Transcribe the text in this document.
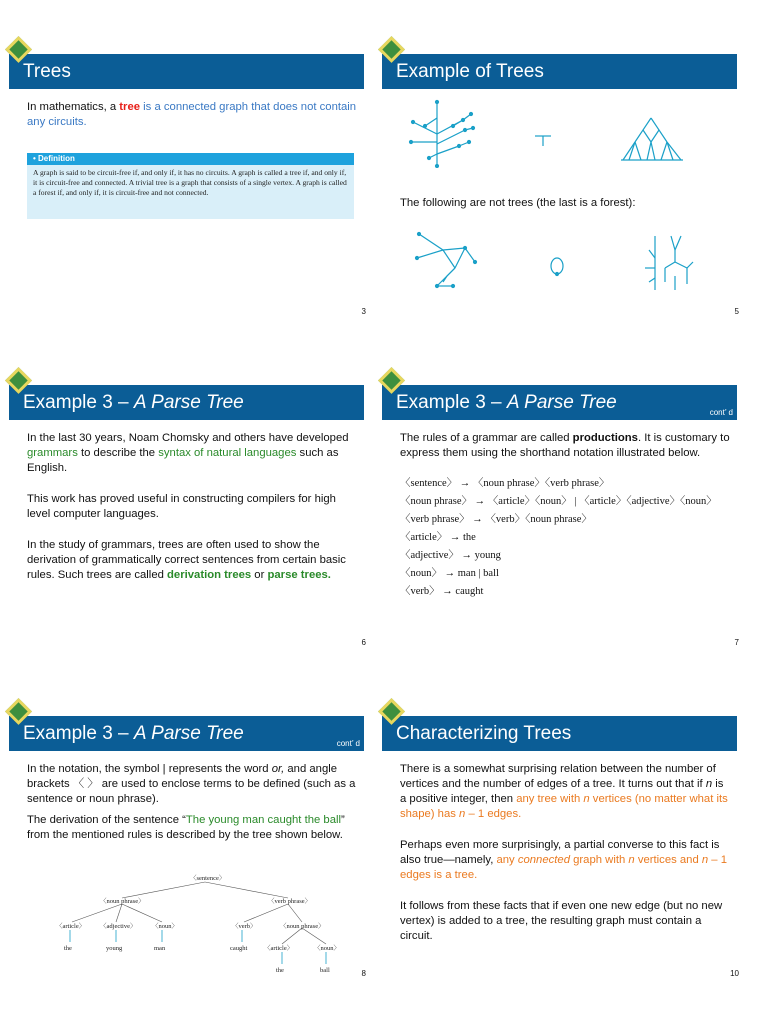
Trees

In mathematics, a tree is a connected graph that does not contain any circuits.

• Definition
A graph is said to be circuit-free if, and only if, it has no circuits. A graph is called a tree if, and only if, it is circuit-free and connected. A trivial tree is a graph that consists of a single vertex. A graph is called a forest if, and only if, it is circuit-free and not connected.
3
Example of Trees

The following are not trees (the last is a forest):

5
Example 3 – A Parse Tree

In the last 30 years, Noam Chomsky and others have developed grammars to describe the syntax of natural languages such as English.

This work has proved useful in constructing compilers for high level computer languages.

In the study of grammars, trees are often used to show the derivation of grammatically correct sentences from certain basic rules. Such trees are called derivation trees or parse trees.

6
Example 3 – A Parse Tree	cont’ d

The rules of a grammar are called productions. It is customary to express them using the shorthand notation illustrated below.

〈sentence〉 → 〈noun phrase〉〈verb phrase〉
〈noun phrase〉 → 〈article〉〈noun〉 | 〈article〉〈adjective〉〈noun〉
〈verb phrase〉 → 〈verb〉〈noun phrase〉
〈article〉 → the
〈adjective〉 → young
〈noun〉 → man | ball
〈verb〉 → caught
7
Example 3 – A Parse Tree	cont’ d

In the notation, the symbol | represents the word or, and angle brackets 〈 〉 are used to enclose terms to be defined (such as a sentence or noun phrase).

The derivation of the sentence “The young man caught the ball” from the mentioned rules is described by the tree shown below.

〈sentence〉
〈noun phrase〉	〈verb phrase〉
〈article〉 〈adjective〉 〈noun〉	〈verb〉	〈noun phrase〉
〈article〉	〈noun〉
the	young	man	caught
the	ball	8
Characterizing Trees

There is a somewhat surprising relation between the number of vertices and the number of edges of a tree. It turns out that if n is a positive integer, then any tree with n vertices (no matter what its shape) has n – 1 edges.

Perhaps even more surprisingly, a partial converse to this fact is also true—namely, any connected graph with n vertices and n – 1 edges is a tree.

It follows from these facts that if even one new edge (but no new vertex) is added to a tree, the resulting graph must contain a circuit.

10
